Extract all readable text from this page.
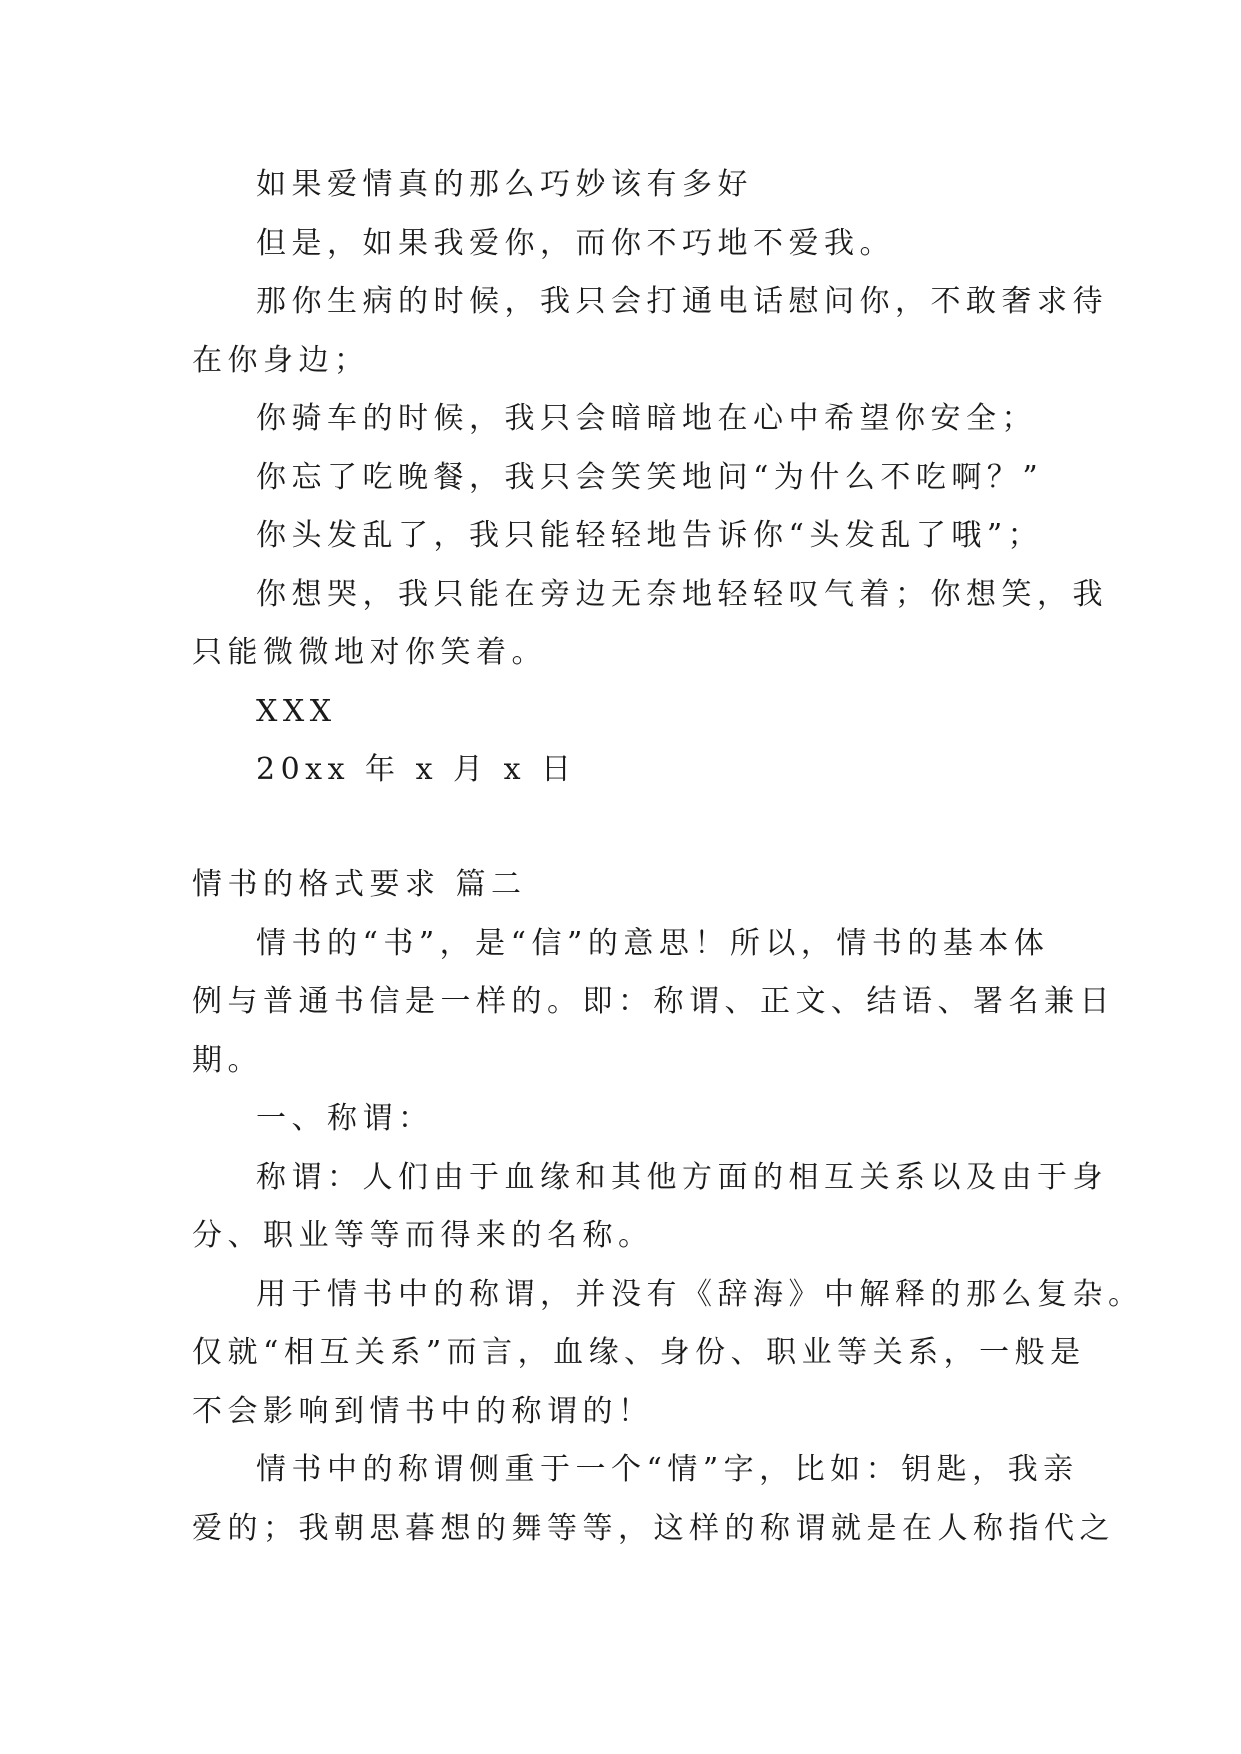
如果爱情真的那么巧妙该有多好
但是，如果我爱你，而你不巧地不爱我。
那你生病的时候，我只会打通电话慰问你，不敢奢求待
在你身边；
你骑车的时候，我只会暗暗地在心中希望你安全；
你忘了吃晚餐，我只会笑笑地问“为什么不吃啊？”
你头发乱了，我只能轻轻地告诉你“头发乱了哦”；
你想哭，我只能在旁边无奈地轻轻叹气着；你想笑，我
只能微微地对你笑着。
XXX
20xx 年 x 月 x 日
情书的格式要求 篇二
情书的“书”，是“信”的意思！所以，情书的基本体
例与普通书信是一样的。即：称谓、正文、结语、署名兼日
期。
一、称谓：
称谓：人们由于血缘和其他方面的相互关系以及由于身
分、职业等等而得来的名称。
用于情书中的称谓，并没有《辞海》中解释的那么复杂。
仅就“相互关系”而言，血缘、身份、职业等关系，一般是
不会影响到情书中的称谓的！
情书中的称谓侧重于一个“情”字，比如：钥匙，我亲
爱的；我朝思暮想的舞等等，这样的称谓就是在人称指代之
